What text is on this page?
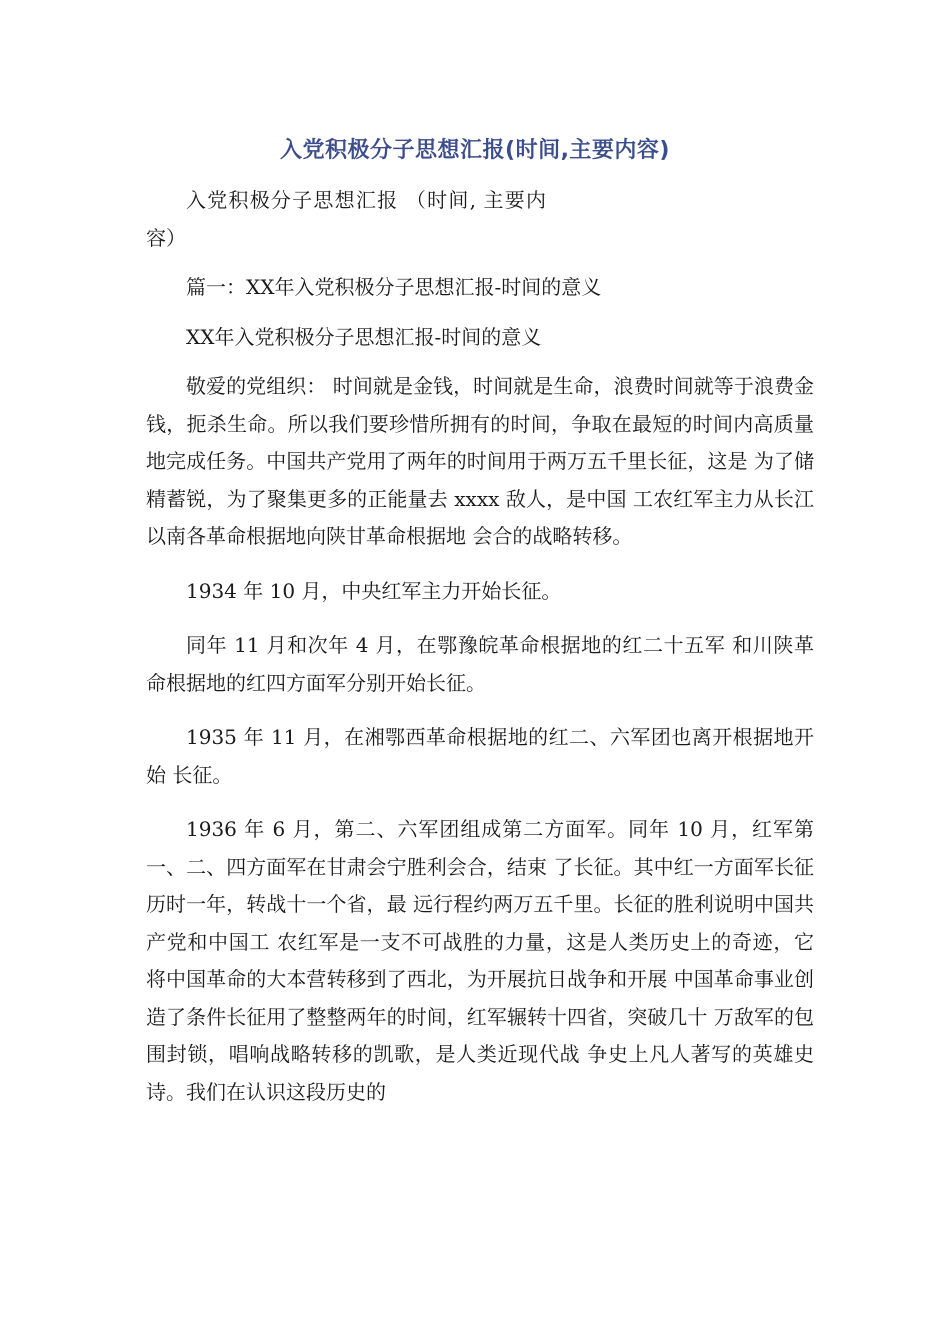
入党积极分子思想汇报(时间,主要内容)

入党积极分子思想汇报 （时间, 主要内容）

篇一：XX年入党积极分子思想汇报-时间的意义

XX年入党积极分子思想汇报-时间的意义

敬爱的党组织： 时间就是金钱，时间就是生命，浪费时间就等于浪费金 钱，扼杀生命。所以我们要珍惜所拥有的时间，争取在最短的时间内高质量地完成任务。中国共产党用了两年的时间用于两万五千里长征，这是 为了储精蓄锐，为了聚集更多的正能量去 xxxx 敌人，是中国 工农红军主力从长江以南各革命根据地向陕甘革命根据地 会合的战略转移。

1934 年 10 月，中央红军主力开始长征。

同年 11 月和次年 4 月，在鄂豫皖革命根据地的红二十五军 和川陕革命根据地的红四方面军分别开始长征。

1935 年 11 月，在湘鄂西革命根据地的红二、六军团也离开根据地开始 长征。

1936 年 6 月，第二、六军团组成第二方面军。同年 10 月，红军第一、二、四方面军在甘肃会宁胜利会合，结束 了长征。其中红一方面军长征历时一年，转战十一个省，最 远行程约两万五千里。长征的胜利说明中国共产党和中国工 农红军是一支不可战胜的力量，这是人类历史上的奇迹，它 将中国革命的大本营转移到了西北，为开展抗日战争和开展 中国革命事业创造了条件长征用了整整两年的时间，红军辗转十四省，突破几十 万敌军的包围封锁，唱响战略转移的凯歌，是人类近现代战 争史上凡人著写的英雄史诗。我们在认识这段历史的
